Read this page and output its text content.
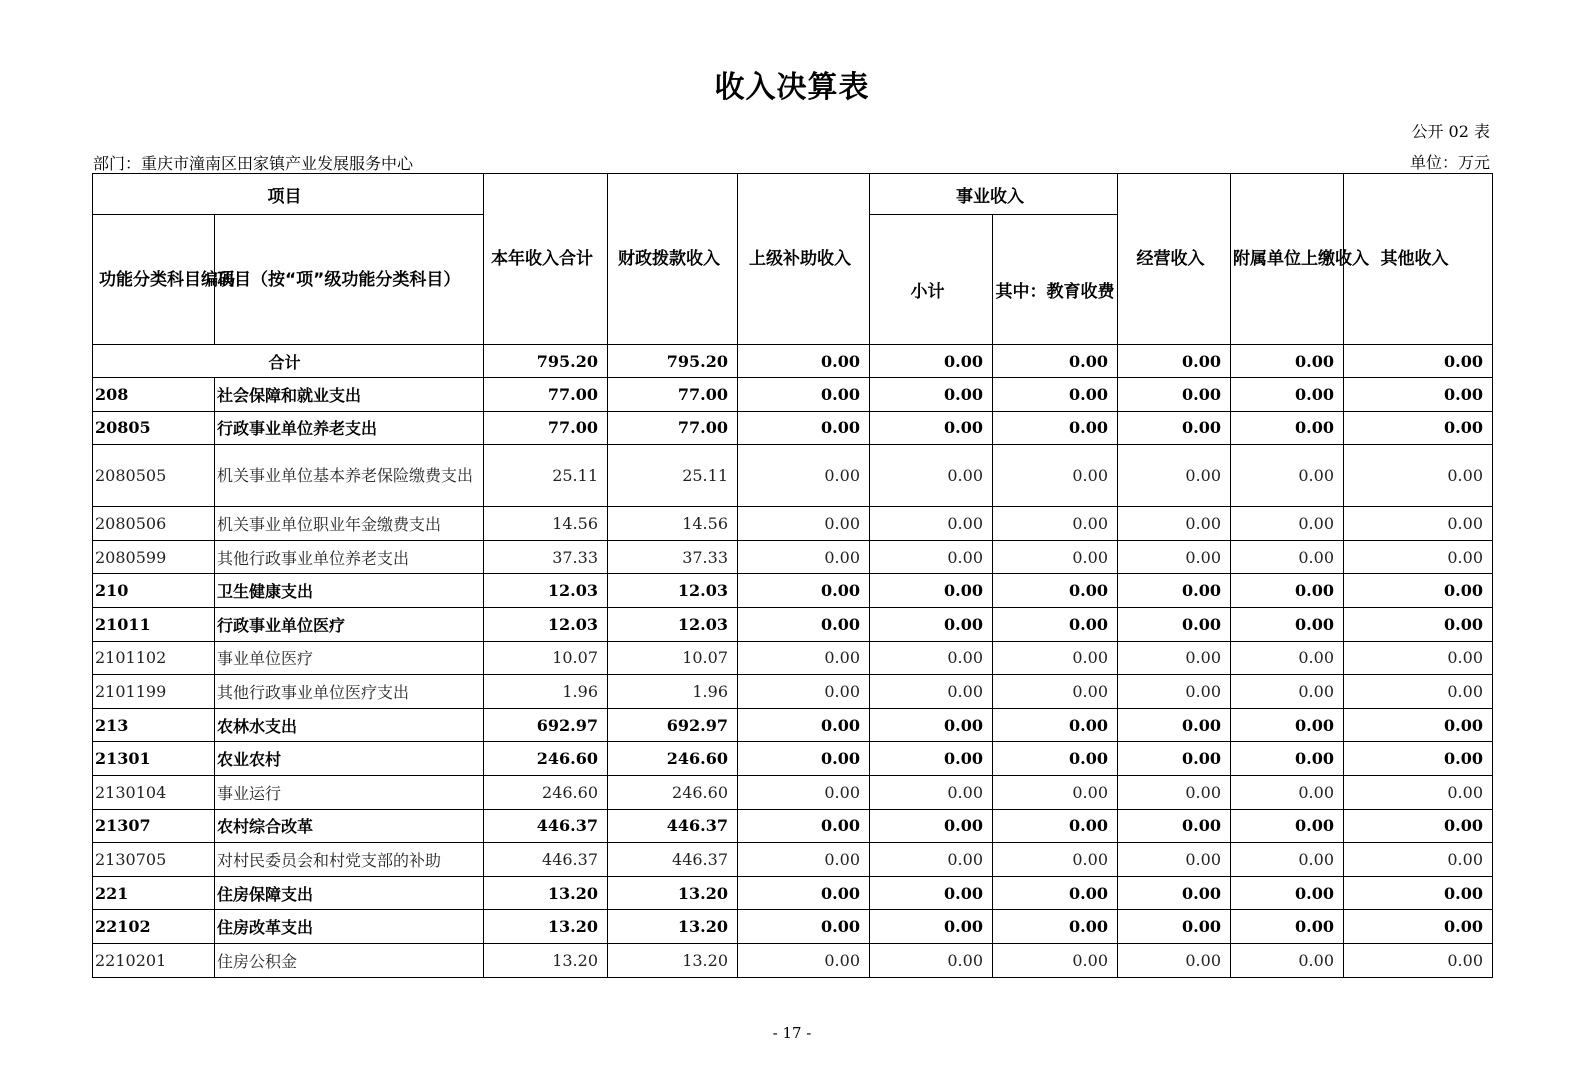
收入决算表
公开 02 表
部门：重庆市潼南区田家镇产业发展服务中心	单位：万元
项目		本年收入合计	财政拨款收入	上级补助收入	事业收入		经营收入	附属单位上缴收入	其他收入
功能分类科目编码	项目（按“项”级功能分类科目）				小计	其中：教育收费			
合计		795.20	795.20	0.00	0.00	0.00	0.00	0.00	0.00
208	社会保障和就业支出	77.00	77.00	0.00	0.00	0.00	0.00	0.00	0.00
20805	行政事业单位养老支出	77.00	77.00	0.00	0.00	0.00	0.00	0.00	0.00
2080505	机关事业单位基本养老保险缴费支出	25.11	25.11	0.00	0.00	0.00	0.00	0.00	0.00
2080506	机关事业单位职业年金缴费支出	14.56	14.56	0.00	0.00	0.00	0.00	0.00	0.00
2080599	其他行政事业单位养老支出	37.33	37.33	0.00	0.00	0.00	0.00	0.00	0.00
210	卫生健康支出	12.03	12.03	0.00	0.00	0.00	0.00	0.00	0.00
21011	行政事业单位医疗	12.03	12.03	0.00	0.00	0.00	0.00	0.00	0.00
2101102	事业单位医疗	10.07	10.07	0.00	0.00	0.00	0.00	0.00	0.00
2101199	其他行政事业单位医疗支出	1.96	1.96	0.00	0.00	0.00	0.00	0.00	0.00
213	农林水支出	692.97	692.97	0.00	0.00	0.00	0.00	0.00	0.00
21301	农业农村	246.60	246.60	0.00	0.00	0.00	0.00	0.00	0.00
2130104	事业运行	246.60	246.60	0.00	0.00	0.00	0.00	0.00	0.00
21307	农村综合改革	446.37	446.37	0.00	0.00	0.00	0.00	0.00	0.00
2130705	对村民委员会和村党支部的补助	446.37	446.37	0.00	0.00	0.00	0.00	0.00	0.00
221	住房保障支出	13.20	13.20	0.00	0.00	0.00	0.00	0.00	0.00
22102	住房改革支出	13.20	13.20	0.00	0.00	0.00	0.00	0.00	0.00
2210201	住房公积金	13.20	13.20	0.00	0.00	0.00	0.00	0.00	0.00
- 17 -
